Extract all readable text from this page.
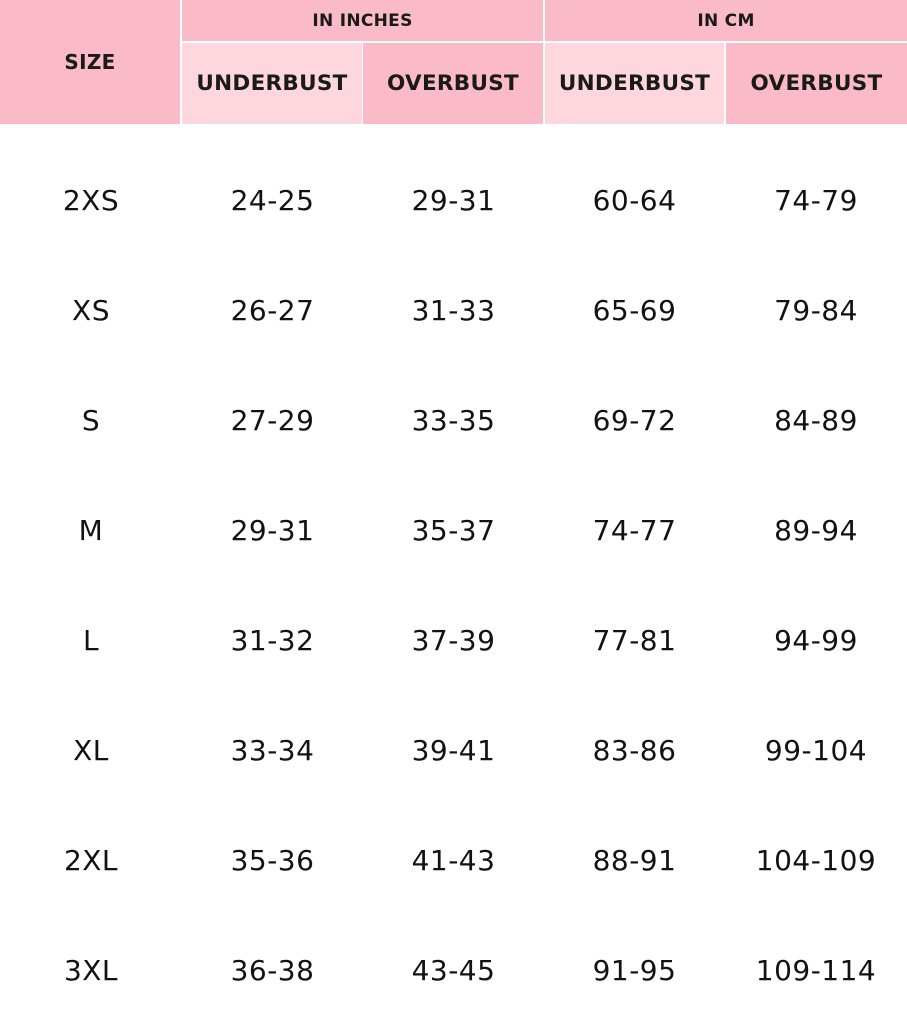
SIZE
IN INCHES	IN CM
UNDERBUST	OVERBUST	UNDERBUST	OVERBUST
2XS	24-25	29-31	60-64	74-79
XS	26-27	31-33	65-69	79-84
S	27-29	33-35	69-72	84-89
M	29-31	35-37	74-77	89-94
L	31-32	37-39	77-81	94-99
XL	33-34	39-41	83-86	99-104
2XL	35-36	41-43	88-91	104-109
3XL	36-38	43-45	91-95	109-114
